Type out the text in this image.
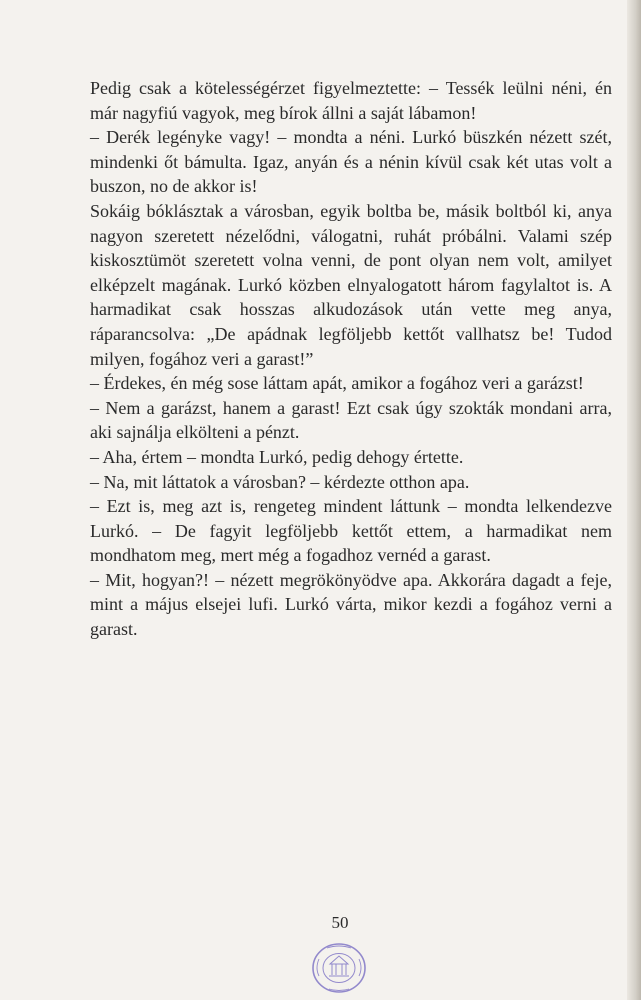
Pedig csak a kötelességérzet figyelmeztette: – Tessék leülni néni, én már nagyfiú vagyok, meg bírok állni a saját lábamon!

– Derék legényke vagy! – mondta a néni. Lurkó büszkén nézett szét, mindenki őt bámulta. Igaz, anyán és a nénin kívül csak két utas volt a buszon, no de akkor is!

Sokáig bóklásztak a városban, egyik boltba be, másik boltból ki, anya nagyon szeretett nézelődni, válogatni, ruhát próbálni. Valami szép kiskosztümöt szeretett volna venni, de pont olyan nem volt, amilyet elképzelt magának. Lurkó közben elnyalogatott három fagylaltot is. A harmadikat csak hosszas alkudozások után vette meg anya, ráparancsolva: „De apádnak legföljebb kettőt vallhatsz be! Tudod milyen, fogához veri a garast!”

– Érdekes, én még sose láttam apát, amikor a fogához veri a garázst!

– Nem a garázst, hanem a garast! Ezt csak úgy szokták mondani arra, aki sajnálja elkölteni a pénzt.

– Aha, értem – mondta Lurkó, pedig dehogy értette.

– Na, mit láttatok a városban? – kérdezte otthon apa.

– Ezt is, meg azt is, rengeteg mindent láttunk – mondta lelkendezve Lurkó. – De fagyit legföljebb kettőt ettem, a harmadikat nem mondhatom meg, mert még a fogadhoz vernéd a garast.

– Mit, hogyan?! – nézett megrökönyödve apa. Akkorára dagadt a feje, mint a május elsejei lufi. Lurkó várta, mikor kezdi a fogához verni a garast.

50
